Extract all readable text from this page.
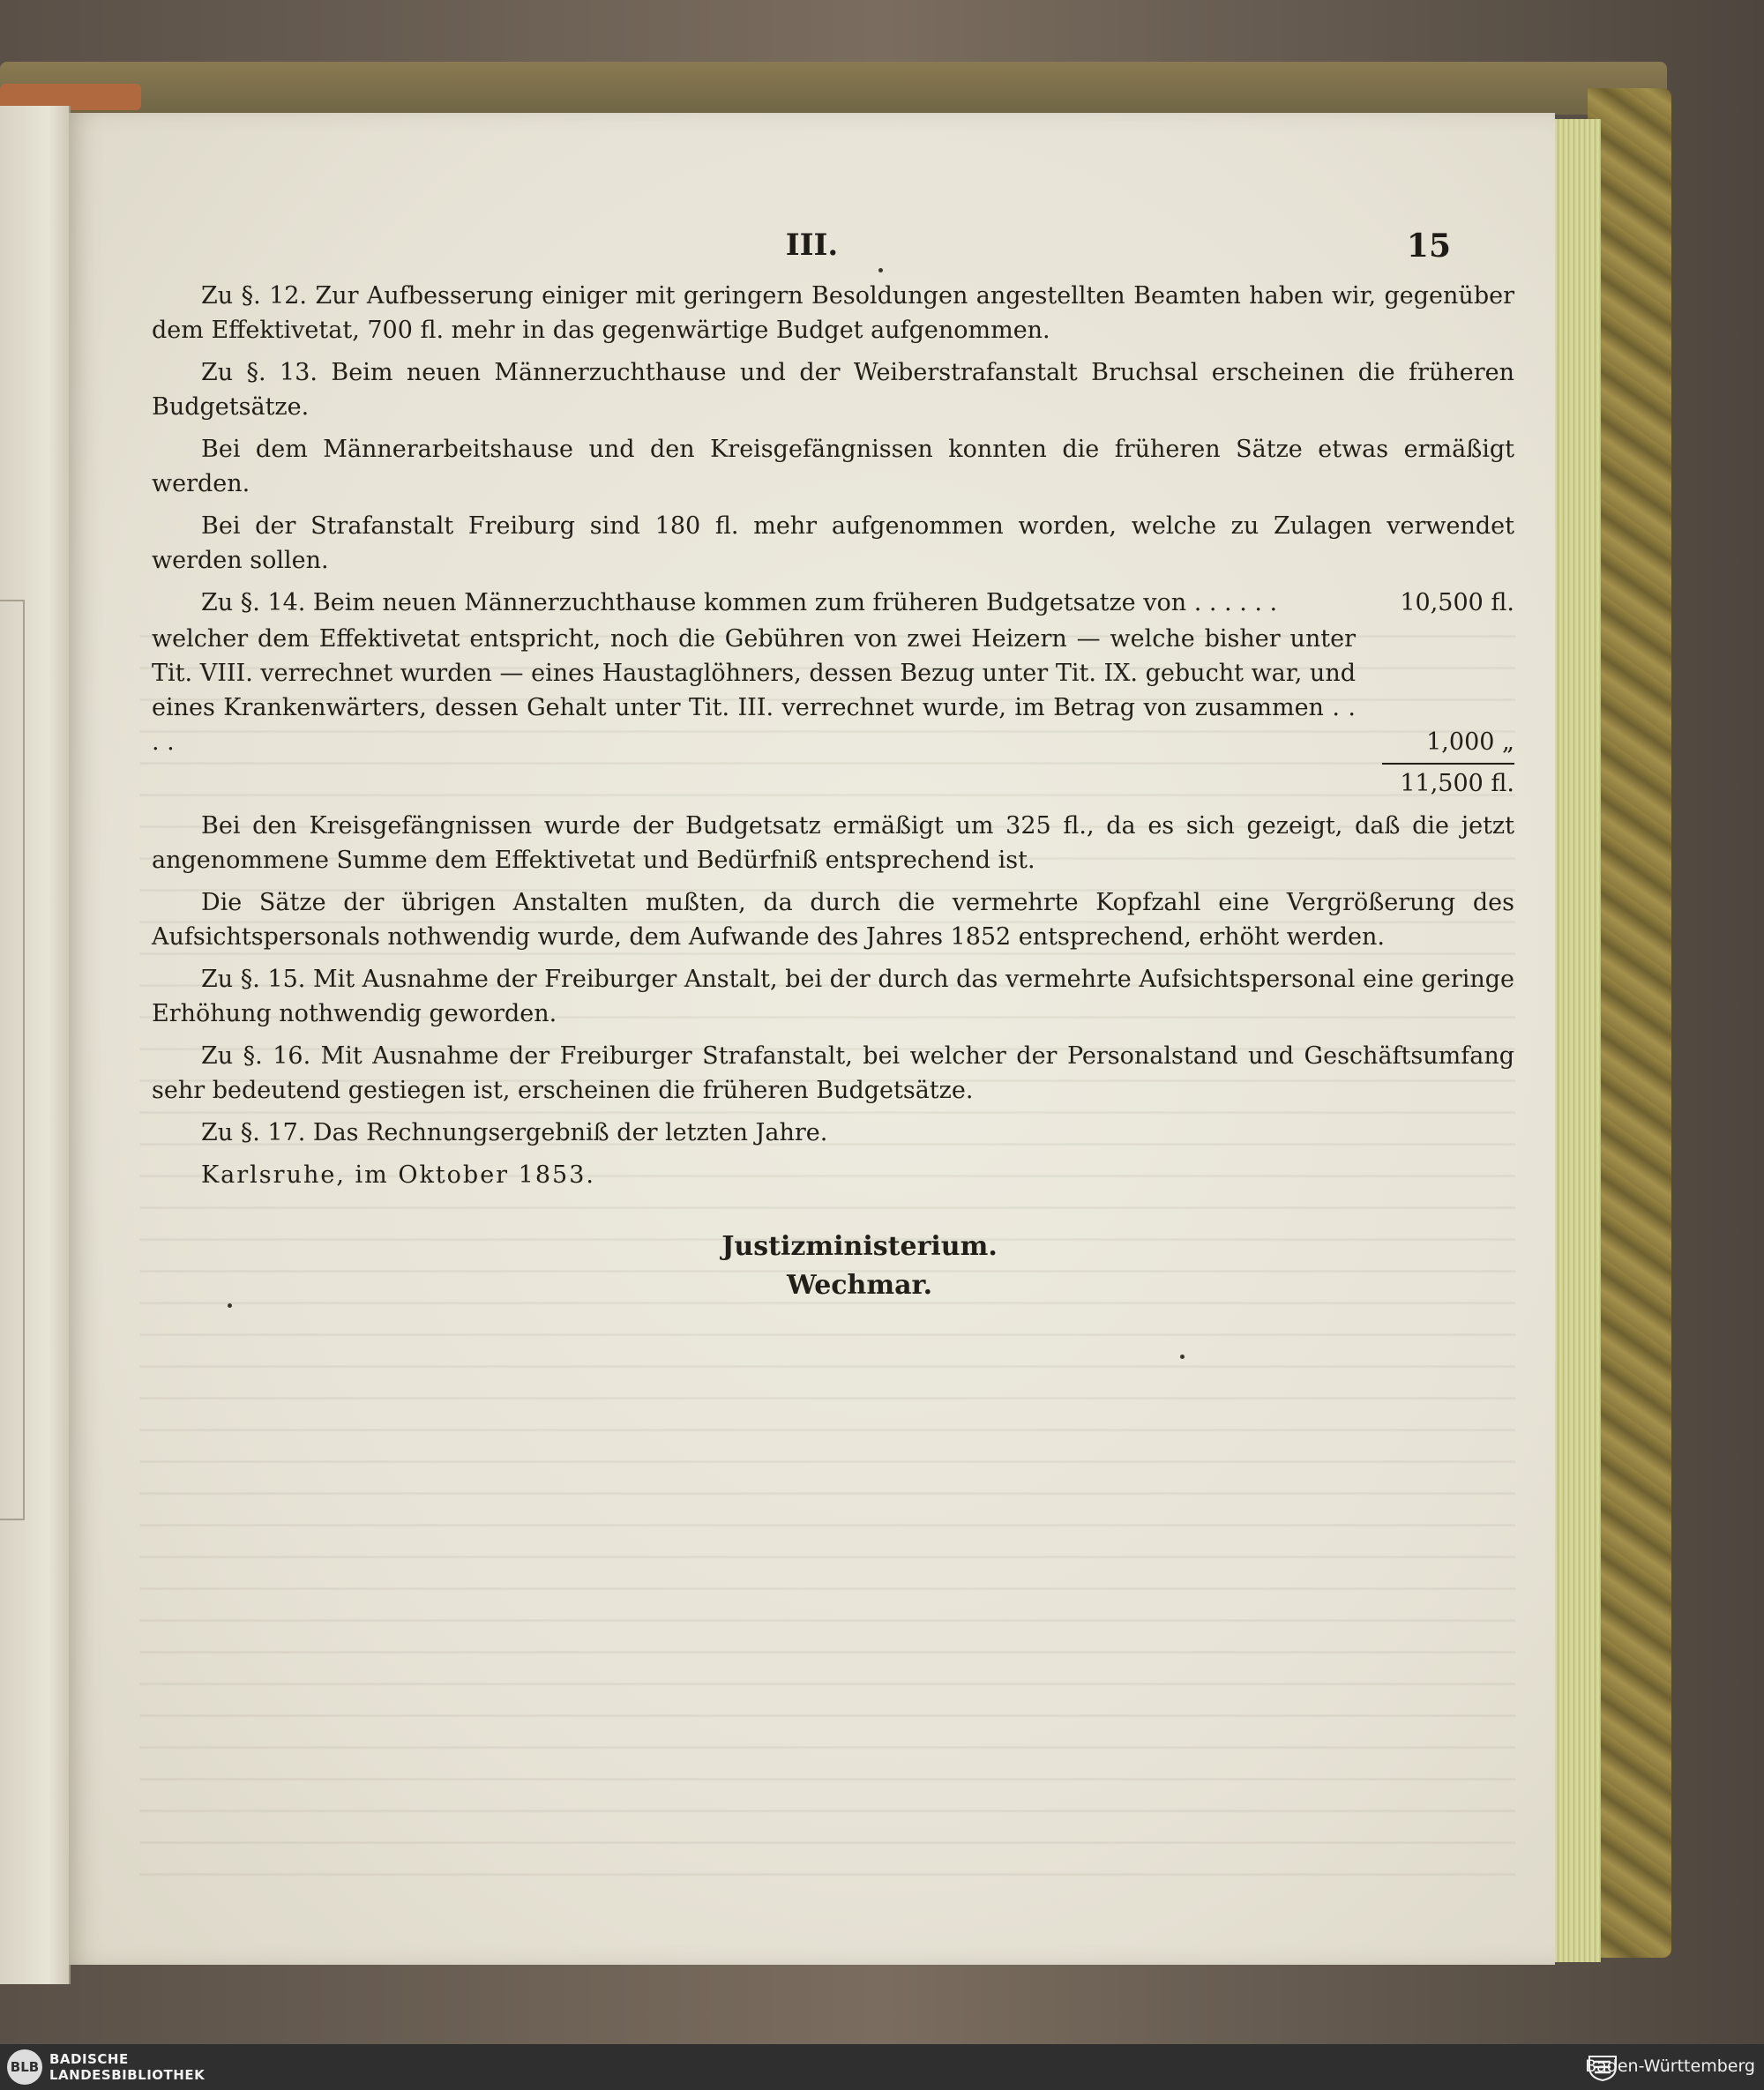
III.	15

Zu §. 12. Zur Aufbesserung einiger mit geringern Besoldungen angestellten Beamten haben wir, gegenüber dem Effektivetat, 700 fl. mehr in das gegenwärtige Budget aufgenommen.

Zu §. 13. Beim neuen Männerzuchthause und der Weiberstrafanstalt Bruchsal erscheinen die früheren Budgetsätze.

Bei dem Männerarbeitshause und den Kreisgefängnissen konnten die früheren Sätze etwas ermäßigt werden.

Bei der Strafanstalt Freiburg sind 180 fl. mehr aufgenommen worden, welche zu Zulagen verwendet werden sollen.

Zu §. 14. Beim neuen Männerzuchthause kommen zum früheren Budgetsatze von . . . . . .	10,500 fl.
welcher dem Effektivetat entspricht, noch die Gebühren von zwei Heizern — welche bisher unter Tit. VIII. verrechnet wurden — eines Haustaglöhners, dessen Bezug unter Tit. IX. gebucht war, und eines Krankenwärters, dessen Gehalt unter Tit. III. verrechnet wurde, im Betrag von zusammen . . . .	1,000 „
11,500 fl.

Bei den Kreisgefängnissen wurde der Budgetsatz ermäßigt um 325 fl., da es sich gezeigt, daß die jetzt angenommene Summe dem Effektivetat und Bedürfniß entsprechend ist.

Die Sätze der übrigen Anstalten mußten, da durch die vermehrte Kopfzahl eine Vergrößerung des Aufsichtspersonals nothwendig wurde, dem Aufwande des Jahres 1852 entsprechend, erhöht werden.

Zu §. 15. Mit Ausnahme der Freiburger Anstalt, bei der durch das vermehrte Aufsichtspersonal eine geringe Erhöhung nothwendig geworden.

Zu §. 16. Mit Ausnahme der Freiburger Strafanstalt, bei welcher der Personalstand und Geschäftsumfang sehr bedeutend gestiegen ist, erscheinen die früheren Budgetsätze.

Zu §. 17. Das Rechnungsergebniß der letzten Jahre.

Karlsruhe, im Oktober 1853.

Justizministerium.
Wechmar.
BLB BADISCHE
LANDESBIBLIOTHEK	Baden-Württemberg
